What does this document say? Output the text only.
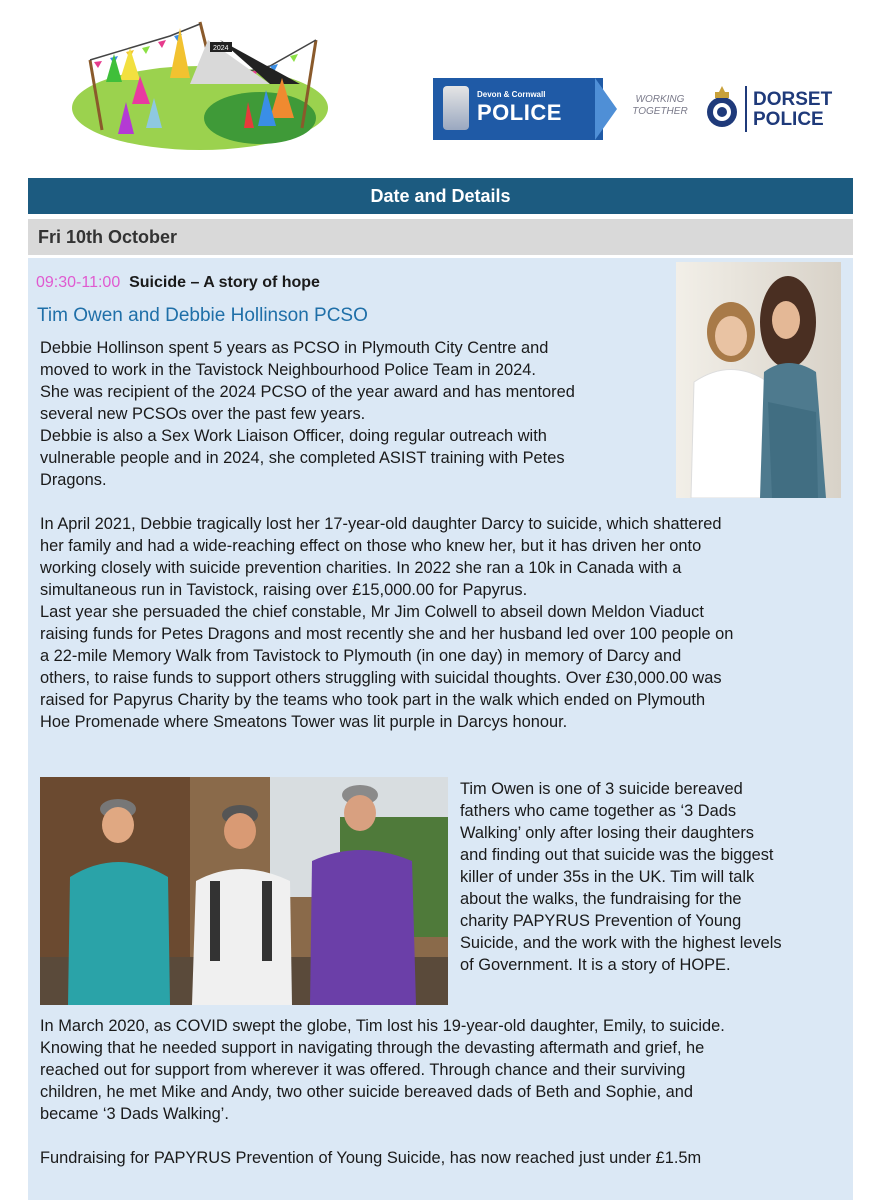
2024
Devon & Cornwall
POLICE
WORKING
TOGETHER
DORSET
POLICE
Date and Details
Fri 10th October
09:30-11:00 Suicide – A story of hope
Tim Owen and Debbie Hollinson PCSO

Debbie Hollinson spent 5 years as PCSO in Plymouth City Centre and

moved to work in the Tavistock Neighbourhood Police Team in 2024.

She was recipient of the 2024 PCSO of the year award and has mentored

several new PCSOs over the past few years.

Debbie is also a Sex Work Liaison Officer, doing regular outreach with

vulnerable people and in 2024, she completed ASIST training with Petes

Dragons.

In April 2021, Debbie tragically lost her 17-year-old daughter Darcy to suicide, which shattered

her family and had a wide-reaching effect on those who knew her, but it has driven her onto

working closely with suicide prevention charities. In 2022 she ran a 10k in Canada with a

simultaneous run in Tavistock, raising over £15,000.00 for Papyrus.

Last year she persuaded the chief constable, Mr Jim Colwell to abseil down Meldon Viaduct

raising funds for Petes Dragons and most recently she and her husband led over 100 people on

a 22-mile Memory Walk from Tavistock to Plymouth (in one day) in memory of Darcy and

others, to raise funds to support others struggling with suicidal thoughts. Over £30,000.00 was

raised for Papyrus Charity by the teams who took part in the walk which ended on Plymouth

Hoe Promenade where Smeatons Tower was lit purple in Darcys honour.

Tim Owen is one of 3 suicide bereaved

fathers who came together as ‘3 Dads

Walking’ only after losing their daughters

and finding out that suicide was the biggest

killer of under 35s in the UK. Tim will talk

about the walks, the fundraising for the

charity PAPYRUS Prevention of Young

Suicide, and the work with the highest levels

of Government. It is a story of HOPE.

In March 2020, as COVID swept the globe, Tim lost his 19-year-old daughter, Emily, to suicide.

Knowing that he needed support in navigating through the devasting aftermath and grief, he

reached out for support from wherever it was offered. Through chance and their surviving

children, he met Mike and Andy, two other suicide bereaved dads of Beth and Sophie, and

became ‘3 Dads Walking’.

Fundraising for PAPYRUS Prevention of Young Suicide, has now reached just under £1.5m
